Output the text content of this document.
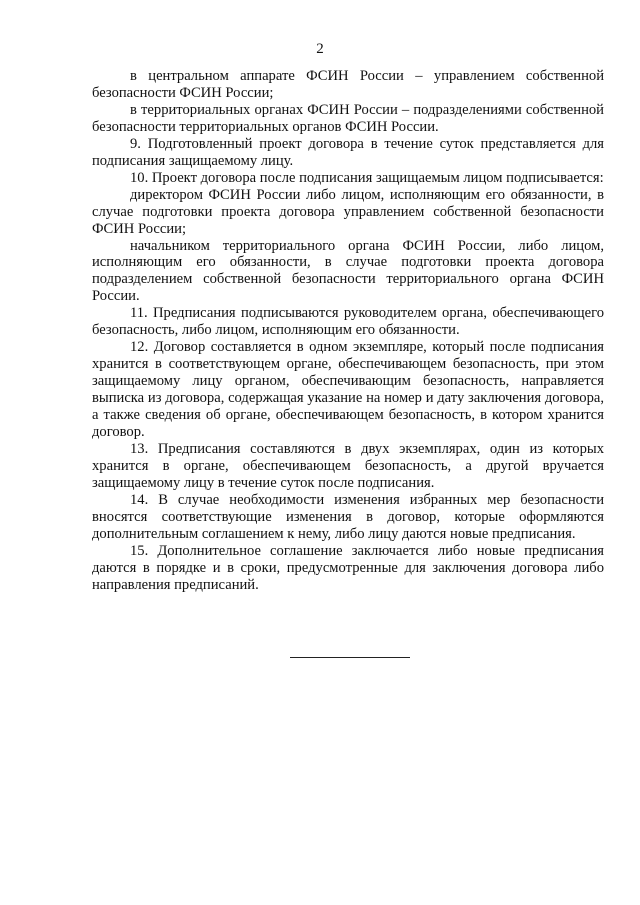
2

в центральном аппарате ФСИН России – управлением собственной безопасности ФСИН России;

в территориальных органах ФСИН России – подразделениями собственной безопасности территориальных органов ФСИН России.

9. Подготовленный проект договора в течение суток представляется для подписания защищаемому лицу.

10. Проект договора после подписания защищаемым лицом подписывается:

директором ФСИН России либо лицом, исполняющим его обязанности, в случае подготовки проекта договора управлением собственной безопасности ФСИН России;

начальником территориального органа ФСИН России, либо лицом, исполняющим его обязанности, в случае подготовки проекта договора подразделением собственной безопасности территориального органа ФСИН России.

11. Предписания подписываются руководителем органа, обеспечивающего безопасность, либо лицом, исполняющим его обязанности.

12. Договор составляется в одном экземпляре, который после подписания хранится в соответствующем органе, обеспечивающем безопасность, при этом защищаемому лицу органом, обеспечивающим безопасность, направляется выписка из договора, содержащая указание на номер и дату заключения договора, а также сведения об органе, обеспечивающем безопасность, в котором хранится договор.

13. Предписания составляются в двух экземплярах, один из которых хранится в органе, обеспечивающем безопасность, а другой вручается защищаемому лицу в течение суток после подписания.

14. В случае необходимости изменения избранных мер безопасности вносятся соответствующие изменения в договор, которые оформляются дополнительным соглашением к нему, либо лицу даются новые предписания.

15. Дополнительное соглашение заключается либо новые предписания даются в порядке и в сроки, предусмотренные для заключения договора либо направления предписаний.
